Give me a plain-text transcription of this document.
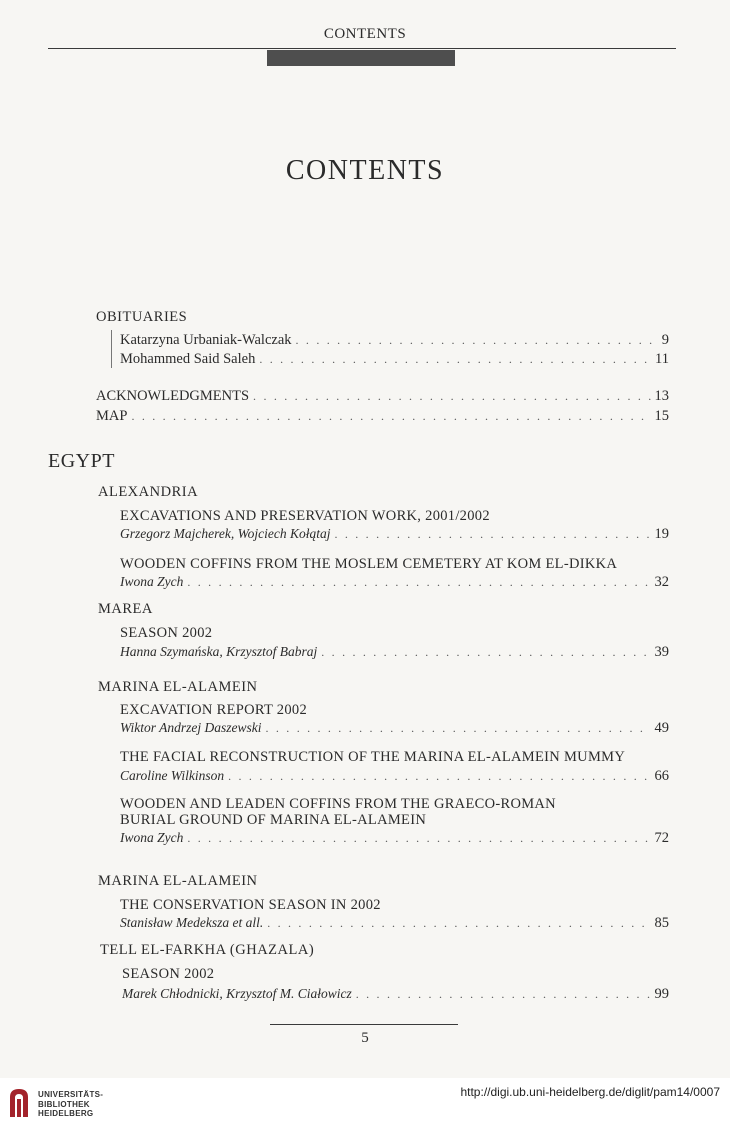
CONTENTS
CONTENTS
OBITUARIES
Katarzyna Urbaniak-Walczak . . .	9
Mohammed Said Saleh . . .	11
ACKNOWLEDGMENTS . . .	13
MAP . . .	15
EGYPT
ALEXANDRIA
EXCAVATIONS AND PRESERVATION WORK, 2001/2002
Grzegorz Majcherek, Wojciech Kołątaj . . .	19
WOODEN COFFINS FROM THE MOSLEM CEMETERY AT KOM EL-DIKKA
Iwona Zych . . .	32
MAREA
SEASON 2002
Hanna Szymańska, Krzysztof Babraj . . .	39
MARINA EL-ALAMEIN
EXCAVATION REPORT 2002
Wiktor Andrzej Daszewski . . .	49
THE FACIAL RECONSTRUCTION OF THE MARINA EL-ALAMEIN MUMMY
Caroline Wilkinson . . .	66
WOODEN AND LEADEN COFFINS FROM THE GRAECO-ROMAN
BURIAL GROUND OF MARINA EL-ALAMEIN
Iwona Zych . . .	72
MARINA EL-ALAMEIN
THE CONSERVATION SEASON IN 2002
Stanisław Medeksza et all. . . .	85
TELL EL-FARKHA (GHAZALA)
SEASON 2002
Marek Chłodnicki, Krzysztof M. Ciałowicz . . .	99
5
UNIVERSITÄTS-
BIBLIOTHEK
HEIDELBERG
http://digi.ub.uni-heidelberg.de/diglit/pam14/0007
